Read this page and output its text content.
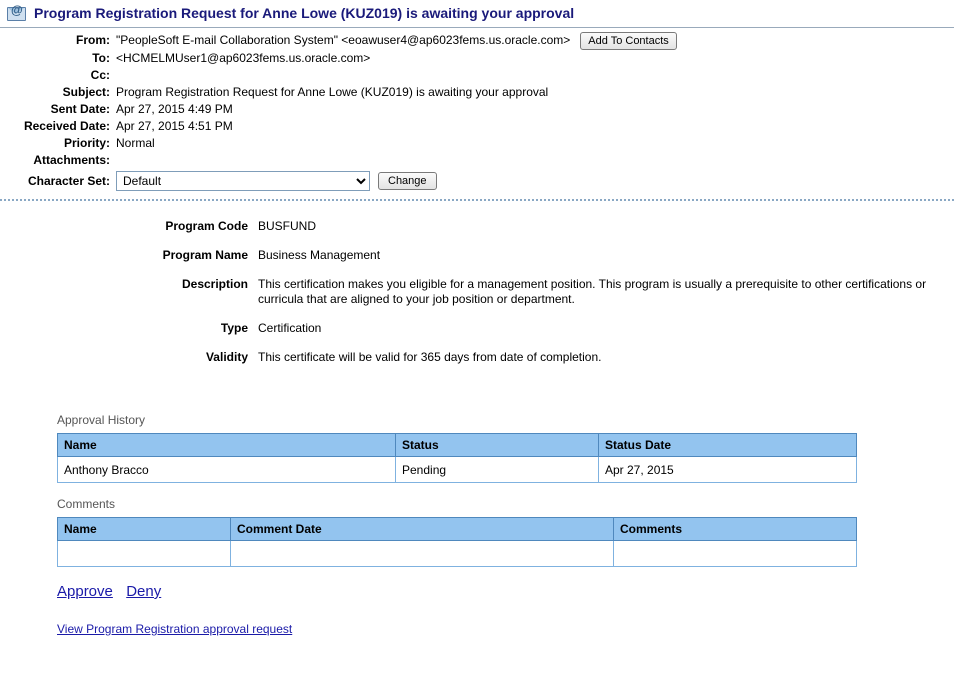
@ Program Registration Request for Anne Lowe (KUZ019) is awaiting your approval
From: "PeopleSoft E-mail Collaboration System" <eoawuser4@ap6023fems.us.oracle.com>	Add To Contacts
To: <HCMELMUser1@ap6023fems.us.oracle.com>
Cc:
Subject: Program Registration Request for Anne Lowe (KUZ019) is awaiting your approval
Sent Date: Apr 27, 2015 4:49 PM
Received Date: Apr 27, 2015 4:51 PM
Priority: Normal
Attachments:
Character Set:
Default	Change
Program Code BUSFUND
Program Name Business Management
Description This certification makes you eligible for a management position. This program is usually a prerequisite to other certifications or curricula that are aligned to your job position or department.
Type Certification
Validity This certificate will be valid for 365 days from date of completion.
Approval History
Name	Status	Status Date
Anthony Bracco	Pending	Apr 27, 2015
Comments
Name	Comment Date	Comments

Approve Deny
View Program Registration approval request
